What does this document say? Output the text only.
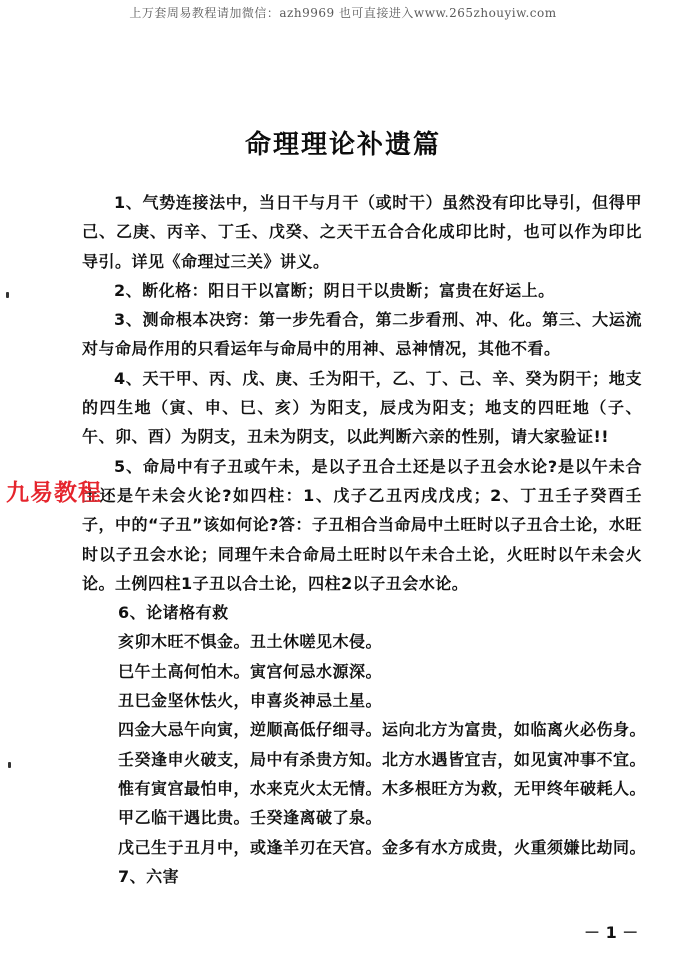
上万套周易教程请加微信：azh9969 也可直接进入www.265zhouyiw.com
命理理论补遗篇

1、气势连接法中，当日干与月干（或时干）虽然没有印比导引，但得甲己、乙庚、丙辛、丁壬、戊癸、之天干五合合化成印比时，也可以作为印比导引。详见《命理过三关》讲义。

2、断化格：阳日干以富断；阴日干以贵断；富贵在好运上。

3、测命根本决窍：第一步先看合，第二步看刑、冲、化。第三、大运流对与命局作用的只看运年与命局中的用神、忌神情况，其他不看。

4、天干甲、丙、戊、庚、壬为阳干，乙、丁、己、辛、癸为阴干；地支的四生地（寅、申、巳、亥）为阳支，辰戌为阳支；地支的四旺地（子、午、卯、酉）为阴支，丑未为阴支，以此判断六亲的性别，请大家验证!!

5、命局中有子丑或午未，是以子丑合土还是以子丑会水论?是以午未合土还是午未会火论?如四柱：1、戊子乙丑丙戌戊戌；2、丁丑壬子癸酉壬子，中的“子丑”该如何论?答：子丑相合当命局中土旺时以子丑合土论，水旺时以子丑会水论；同理午未合命局土旺时以午未合土论，火旺时以午未会火论。土例四柱1子丑以合土论，四柱2以子丑会水论。

6、论诸格有救

亥卯木旺不惧金。丑土休嗟见木侵。

巳午土高何怕木。寅宫何忌水源深。

丑巳金坚休怯火，申喜炎神忌土星。

四金大忌午向寅，逆顺高低仔细寻。运向北方为富贵，如临离火必伤身。

壬癸逢申火破支，局中有杀贵方知。北方水遇皆宜吉，如见寅冲事不宜。

惟有寅宫最怕申，水来克火太无情。木多根旺方为救，无甲终年破耗人。

甲乙临干遇比贵。壬癸逢离破了泉。

戊己生于丑月中，或逢羊刃在天宫。金多有水方成贵，火重须嫌比劫同。

7、六害

九易教程
－ 1 －
